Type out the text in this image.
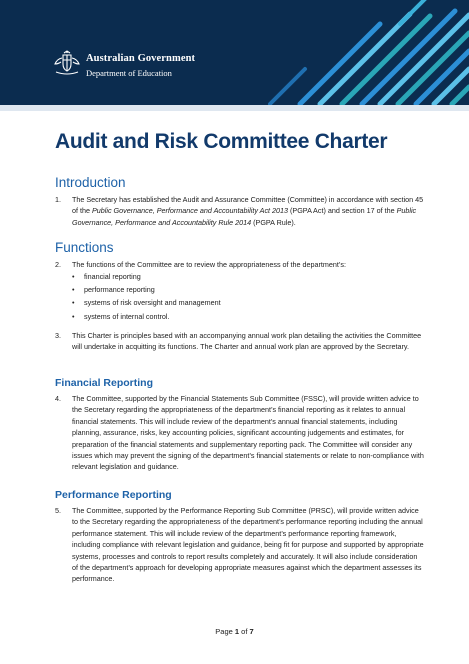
Australian Government
Department of Education
Audit and Risk Committee Charter
Introduction
1. The Secretary has established the Audit and Assurance Committee (Committee) in accordance with section 45 of the Public Governance, Performance and Accountability Act 2013 (PGPA Act) and section 17 of the Public Governance, Performance and Accountability Rule 2014 (PGPA Rule).
Functions
2. The functions of the Committee are to review the appropriateness of the department’s:
• financial reporting
• performance reporting
• systems of risk oversight and management
• systems of internal control.
3. This Charter is principles based with an accompanying annual work plan detailing the activities the Committee will undertake in acquitting its functions. The Charter and annual work plan are approved by the Secretary.
Financial Reporting
4. The Committee, supported by the Financial Statements Sub Committee (FSSC), will provide written advice to the Secretary regarding the appropriateness of the department’s financial reporting as it relates to annual financial statements. This will include review of the department’s annual financial statements, including planning, assurance, risks, key accounting policies, significant accounting judgements and estimates, for preparation of the financial statements and supplementary reporting pack. The Committee will consider any issues which may prevent the signing of the department’s financial statements or relate to non-compliance with relevant legislation and guidance.
Performance Reporting
5. The Committee, supported by the Performance Reporting Sub Committee (PRSC), will provide written advice to the Secretary regarding the appropriateness of the department’s performance reporting including the annual performance statement. This will include review of the department’s performance reporting framework, including compliance with relevant legislation and guidance, being fit for purpose and supported by appropriate systems, processes and controls to report results completely and accurately. It will also include consideration of the department’s approach for developing appropriate measures against which the department assesses its performance.
Page 1 of 7
